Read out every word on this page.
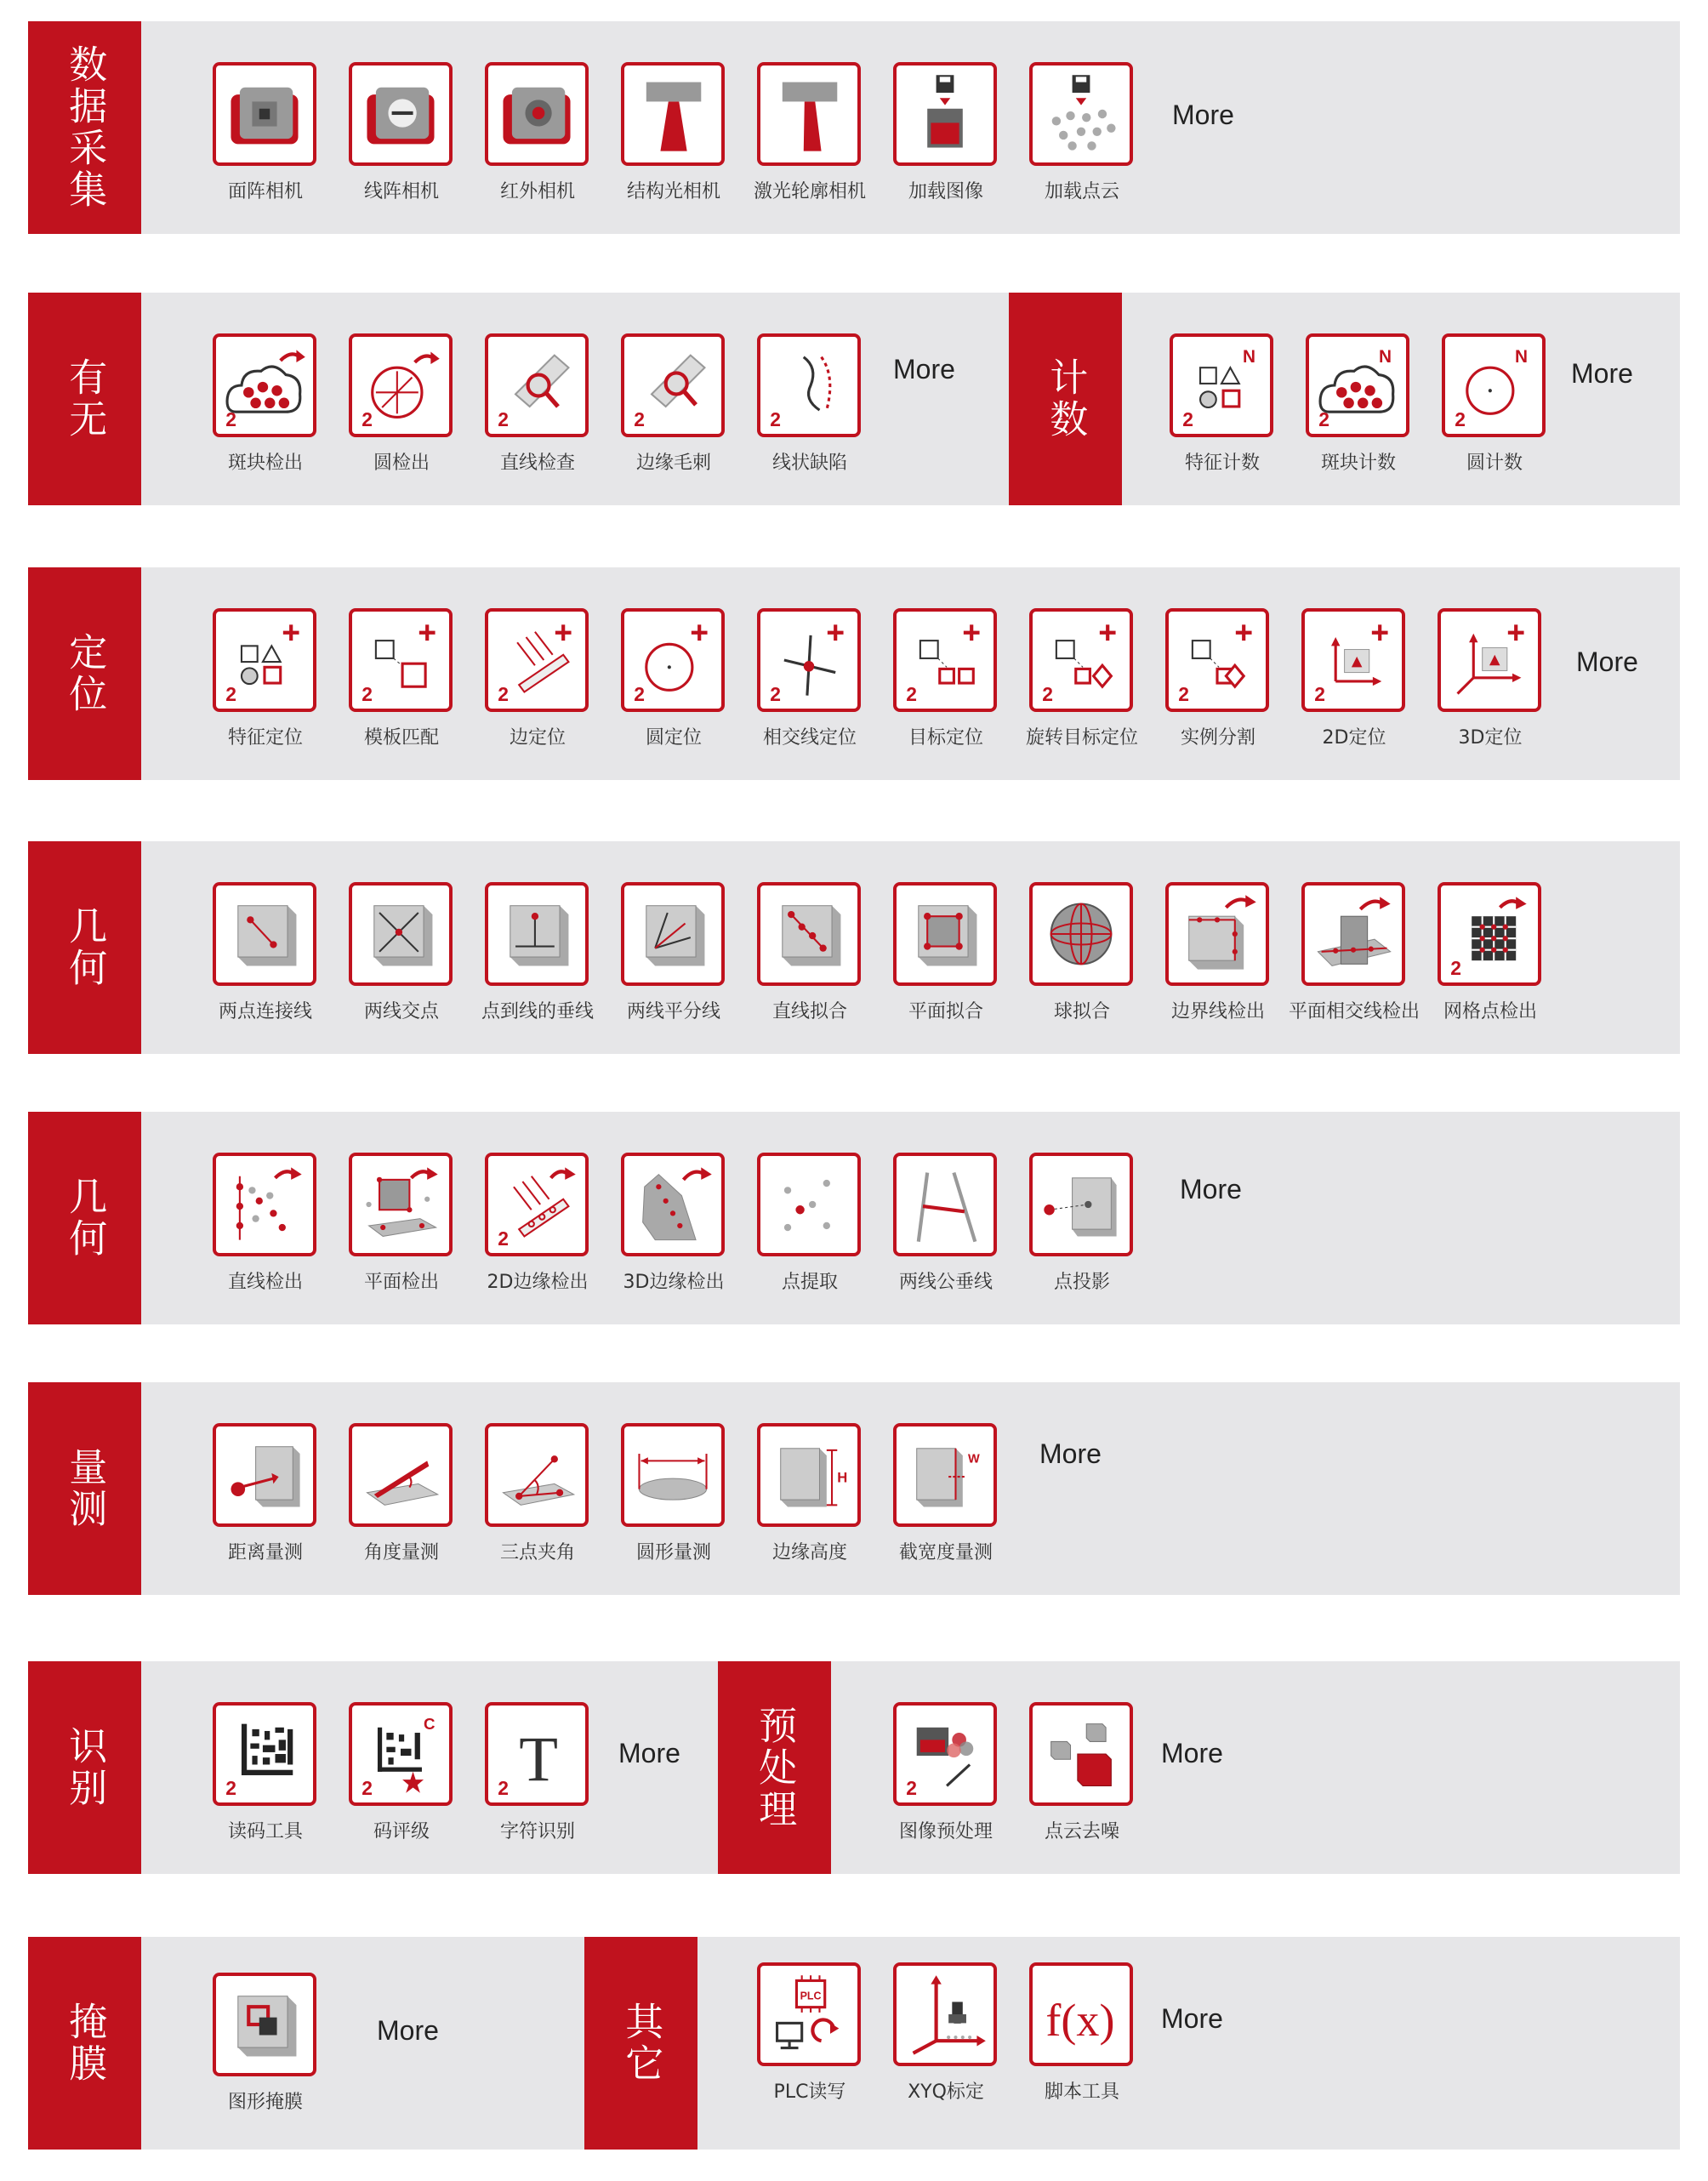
数据采集	面阵相机	线阵相机	红外相机	结构光相机	激光轮廓相机	加载图像	加载点云
More
有无	2
斑块检出
2
圆检出
2
直线检查
2
边缘毛刺
2
线状缺陷
More 计数
N
2
特征计数
N
2
斑块计数
N
2
圆计数
More
定位	2
特征定位
2
模板匹配
2
边定位
2
圆定位
2
相交线定位
2
目标定位
2
旋转目标定位
2
实例分割
2
2D定位	3D定位
More
几何
两点连接线	两线交点	点到线的垂线	两线平分线	直线拟合	平面拟合	球拟合	边界线检出	平面相交线检出
2
网格点检出
几何
直线检出	平面检出
2
2D边缘检出	3D边缘检出	点提取	两线公垂线	点投影
More
量测
距离量测	角度量测	三点夹角	圆形量测
H
边缘高度
W
截宽度量测
More
识别	2
读码工具
C
2
码评级
T
2
字符识别
More 预处理	2
图像预处理	点云去噪
More
掩膜
图形掩膜
More	其它
PLC
PLC读写	XYQ标定
f(x)
脚本工具
More
